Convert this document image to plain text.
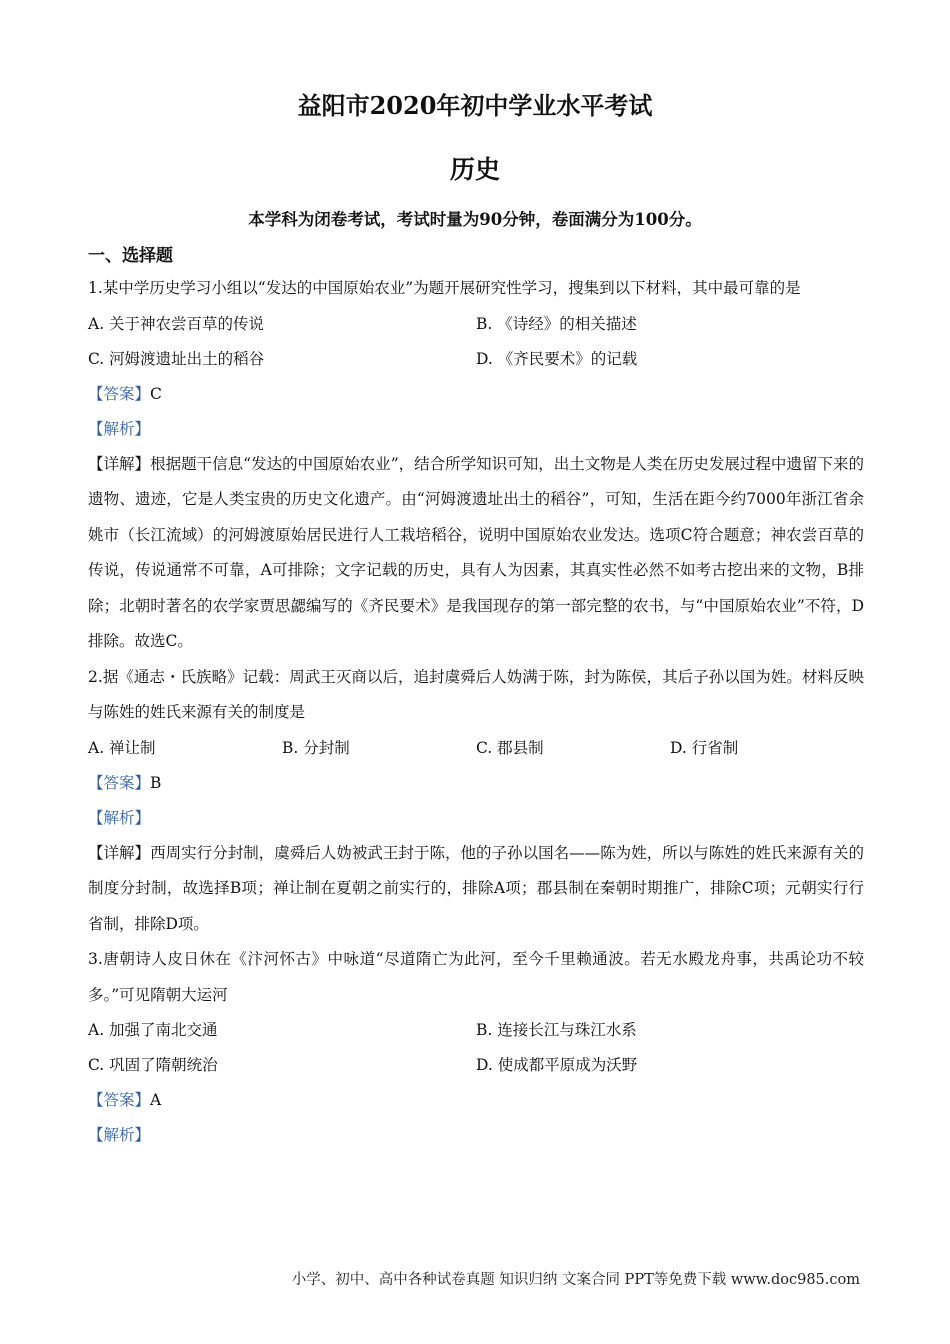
益阳市2020年初中学业水平考试
历史
本学科为闭卷考试，考试时量为90分钟，卷面满分为100分。
一、选择题

1.某中学历史学习小组以“发达的中国原始农业”为题开展研究性学习，搜集到以下材料，其中最可靠的是

A. 关于神农尝百草的传说	B. 《诗经》的相关描述
C. 河姆渡遗址出土的稻谷	D. 《齐民要术》的记载
【答案】C
【解析】

【详解】根据题干信息“发达的中国原始农业”，结合所学知识可知，出土文物是人类在历史发展过程中遗留下来的遗物、遗迹，它是人类宝贵的历史文化遗产。由“河姆渡遗址出土的稻谷”，可知，生活在距今约7000年浙江省余姚市（长江流域）的河姆渡原始居民进行人工栽培稻谷，说明中国原始农业发达。选项C符合题意；神农尝百草的传说，传说通常不可靠，A可排除；文字记载的历史，具有人为因素，其真实性必然不如考古挖出来的文物，B排除；北朝时著名的农学家贾思勰编写的《齐民要术》是我国现存的第一部完整的农书，与“中国原始农业”不符，D排除。故选C。

2.据《通志・氏族略》记载：周武王灭商以后，追封虞舜后人妫满于陈，封为陈侯，其后子孙以国为姓。材料反映与陈姓的姓氏来源有关的制度是

A. 禅让制	B. 分封制	C. 郡县制	D. 行省制
【答案】B
【解析】

【详解】西周实行分封制，虞舜后人妫被武王封于陈，他的子孙以国名——陈为姓，所以与陈姓的姓氏来源有关的制度分封制，故选择B项；禅让制在夏朝之前实行的，排除A项；郡县制在秦朝时期推广，排除C项；元朝实行行省制，排除D项。

3.唐朝诗人皮日休在《汴河怀古》中咏道“尽道隋亡为此河，至今千里赖通波。若无水殿龙舟事，共禹论功不较多。”可见隋朝大运河

A. 加强了南北交通	B. 连接长江与珠江水系
C. 巩固了隋朝统治	D. 使成都平原成为沃野
【答案】A
【解析】
小学、初中、高中各种试卷真题 知识归纳 文案合同 PPT等免费下载 www.doc985.com
